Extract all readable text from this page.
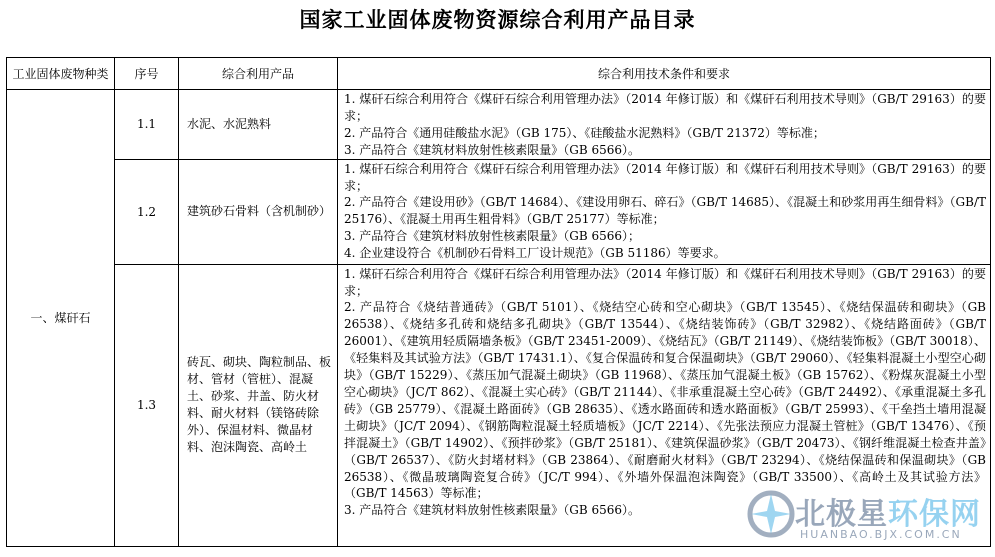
国家工业固体废物资源综合利用产品目录
工业固体废物种类	序号	综合利用产品	综合利用技术条件和要求
一、煤矸石	1.1	水泥、水泥熟料	1. 煤矸石综合利用符合《煤矸石综合利用管理办法》（2014 年修订版）和《煤矸石利用技术导则》（GB/T 29163）的要求；

2. 产品符合《通用硅酸盐水泥》（GB 175）、《硅酸盐水泥熟料》（GB/T 21372）等标准；

3. 产品符合《建筑材料放射性核素限量》（GB 6566）。

	1.2	建筑砂石骨料（含机制砂）	1. 煤矸石综合利用符合《煤矸石综合利用管理办法》（2014 年修订版）和《煤矸石利用技术导则》（GB/T 29163）的要求；

2. 产品符合《建设用砂》（GB/T 14684）、《建设用卵石、碎石》（GB/T 14685）、《混凝土和砂浆用再生细骨料》（GB/T 25176）、《混凝土用再生粗骨料》（GB/T 25177）等标准；

3. 产品符合《建筑材料放射性核素限量》（GB 6566）；

4. 企业建设符合《机制砂石骨料工厂设计规范》（GB 51186）等要求。

	1.3	砖瓦、砌块、陶粒制品、板材、管材（管桩）、混凝土、砂浆、井盖、防火材料、耐火材料（镁铬砖除外）、保温材料、微晶材料、泡沫陶瓷、高岭土	1. 煤矸石综合利用符合《煤矸石综合利用管理办法》（2014 年修订版）和《煤矸石利用技术导则》（GB/T 29163）的要求；

2. 产品符合《烧结普通砖》（GB/T 5101）、《烧结空心砖和空心砌块》（GB/T 13545）、《烧结保温砖和砌块》（GB 26538）、《烧结多孔砖和烧结多孔砌块》（GB/T 13544）、《烧结装饰砖》（GB/T 32982）、《烧结路面砖》（GB/T 26001）、《建筑用轻质隔墙条板》（GB/T 23451-2009）、《烧结瓦》（GB/T 21149）、《烧结装饰板》（GB/T 30018）、《轻集料及其试验方法》（GB/T 17431.1）、《复合保温砖和复合保温砌块》（GB/T 29060）、《轻集料混凝土小型空心砌块》（GB/T 15229）、《蒸压加气混凝土砌块》（GB 11968）、《蒸压加气混凝土板》（GB 15762）、《粉煤灰混凝土小型空心砌块》（JC/T 862）、《混凝土实心砖》（GB/T 21144）、《非承重混凝土空心砖》（GB/T 24492）、《承重混凝土多孔砖》（GB 25779）、《混凝土路面砖》（GB 28635）、《透水路面砖和透水路面板》（GB/T 25993）、《干垒挡土墙用混凝土砌块》（JC/T 2094）、《钢筋陶粒混凝土轻质墙板》（JC/T 2214）、《先张法预应力混凝土管桩》（GB/T 13476）、《预拌混凝土》（GB/T 14902）、《预拌砂浆》（GB/T 25181）、《建筑保温砂浆》（GB/T 20473）、《钢纤维混凝土检查井盖》（GB/T 26537）、《防火封堵材料》（GB 23864）、《耐磨耐火材料》（GB/T 23294）、《烧结保温砖和保温砌块》（GB 26538）、《微晶玻璃陶瓷复合砖》（JC/T 994）、《外墙外保温泡沫陶瓷》（GB/T 33500）、《高岭土及其试验方法》（GB/T 14563）等标准；

3. 产品符合《建筑材料放射性核素限量》（GB 6566）。	北极星环保网
HUANBAO.BJX.COM.CN
